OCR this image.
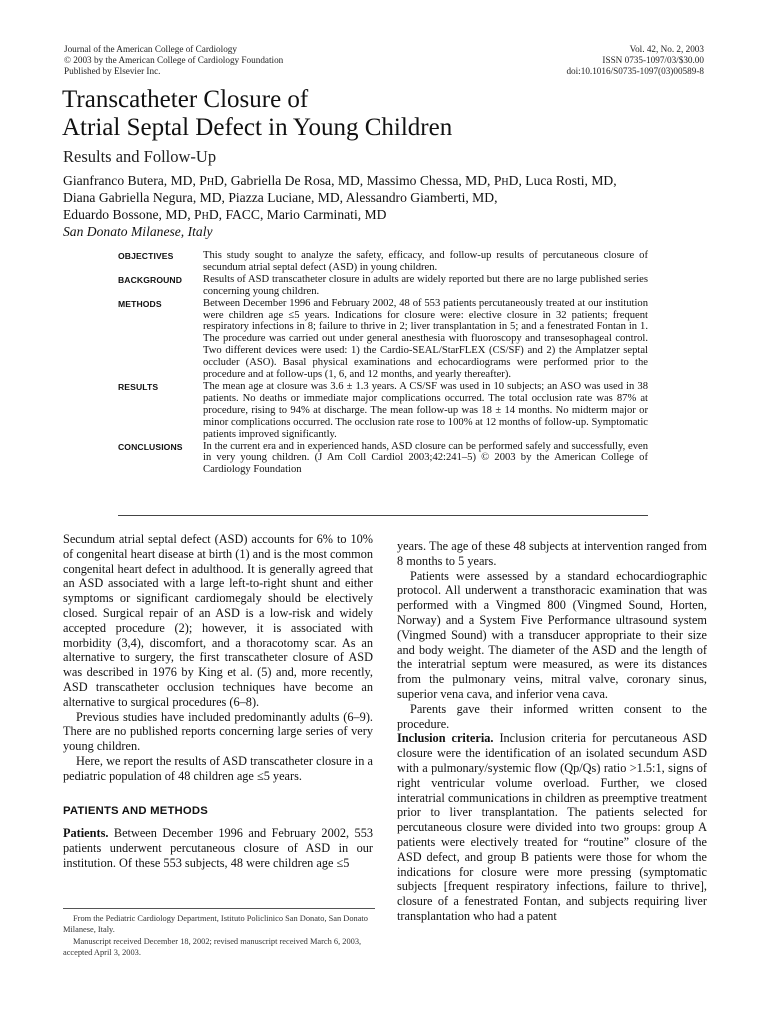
Journal of the American College of Cardiology
© 2003 by the American College of Cardiology Foundation
Published by Elsevier Inc.
Vol. 42, No. 2, 2003
ISSN 0735-1097/03/$30.00
doi:10.1016/S0735-1097(03)00589-8
Transcatheter Closure of
Atrial Septal Defect in Young Children
Results and Follow-Up
Gianfranco Butera, MD, PhD, Gabriella De Rosa, MD, Massimo Chessa, MD, PhD, Luca Rosti, MD,
Diana Gabriella Negura, MD, Piazza Luciane, MD, Alessandro Giamberti, MD,
Eduardo Bossone, MD, PhD, FACC, Mario Carminati, MD
San Donato Milanese, Italy
OBJECTIVES	This study sought to analyze the safety, efficacy, and follow-up results of percutaneous closure of secundum atrial septal defect (ASD) in young children.
BACKGROUND	Results of ASD transcatheter closure in adults are widely reported but there are no large published series concerning young children.
METHODS	Between December 1996 and February 2002, 48 of 553 patients percutaneously treated at our institution were children age ≤5 years. Indications for closure were: elective closure in 32 patients; frequent respiratory infections in 8; failure to thrive in 2; liver transplantation in 5; and a fenestrated Fontan in 1. The procedure was carried out under general anesthesia with fluoroscopy and transesophageal control. Two different devices were used: 1) the Cardio-SEAL/StarFLEX (CS/SF) and 2) the Amplatzer septal occluder (ASO). Basal physical examinations and echocardiograms were performed prior to the procedure and at follow-ups (1, 6, and 12 months, and yearly thereafter).
RESULTS	The mean age at closure was 3.6 ± 1.3 years. A CS/SF was used in 10 subjects; an ASO was used in 38 patients. No deaths or immediate major complications occurred. The total occlusion rate was 87% at procedure, rising to 94% at discharge. The mean follow-up was 18 ± 14 months. No midterm major or minor complications occurred. The occlusion rate rose to 100% at 12 months of follow-up. Symptomatic patients improved significantly.
CONCLUSIONS	In the current era and in experienced hands, ASD closure can be performed safely and successfully, even in very young children. (J Am Coll Cardiol 2003;42:241–5) © 2003 by the American College of Cardiology Foundation

Secundum atrial septal defect (ASD) accounts for 6% to 10% of congenital heart disease at birth (1) and is the most common congenital heart defect in adulthood. It is generally agreed that an ASD associated with a large left-to-right shunt and either symptoms or significant cardiomegaly should be electively closed. Surgical repair of an ASD is a low-risk and widely accepted procedure (2); however, it is associated with morbidity (3,4), discomfort, and a thoracotomy scar. As an alternative to surgery, the first transcatheter closure of ASD was described in 1976 by King et al. (5) and, more recently, ASD transcatheter occlusion techniques have become an alternative to surgical procedures (6–8).

Previous studies have included predominantly adults (6–9). There are no published reports concerning large series of very young children.

Here, we report the results of ASD transcatheter closure in a pediatric population of 48 children age ≤5 years.

PATIENTS AND METHODS

Patients. Between December 1996 and February 2002, 553 patients underwent percutaneous closure of ASD in our institution. Of these 553 subjects, 48 were children age ≤5

years. The age of these 48 subjects at intervention ranged from 8 months to 5 years.

Patients were assessed by a standard echocardiographic protocol. All underwent a transthoracic examination that was performed with a Vingmed 800 (Vingmed Sound, Horten, Norway) and a System Five Performance ultrasound system (Vingmed Sound) with a transducer appropriate to their size and body weight. The diameter of the ASD and the length of the interatrial septum were measured, as were its distances from the pulmonary veins, mitral valve, coronary sinus, superior vena cava, and inferior vena cava.

Parents gave their informed written consent to the procedure.

Inclusion criteria. Inclusion criteria for percutaneous ASD closure were the identification of an isolated secundum ASD with a pulmonary/systemic flow (Qp/Qs) ratio >1.5:1, signs of right ventricular volume overload. Further, we closed interatrial communications in children as preemptive treatment prior to liver transplantation. The patients selected for percutaneous closure were divided into two groups: group A patients were electively treated for “routine” closure of the ASD defect, and group B patients were those for whom the indications for closure were more pressing (symptomatic subjects [frequent respiratory infections, failure to thrive], closure of a fenestrated Fontan, and subjects requiring liver transplantation who had a patent

From the Pediatric Cardiology Department, Istituto Policlinico San Donato, San Donato Milanese, Italy.

Manuscript received December 18, 2002; revised manuscript received March 6, 2003, accepted April 3, 2003.
